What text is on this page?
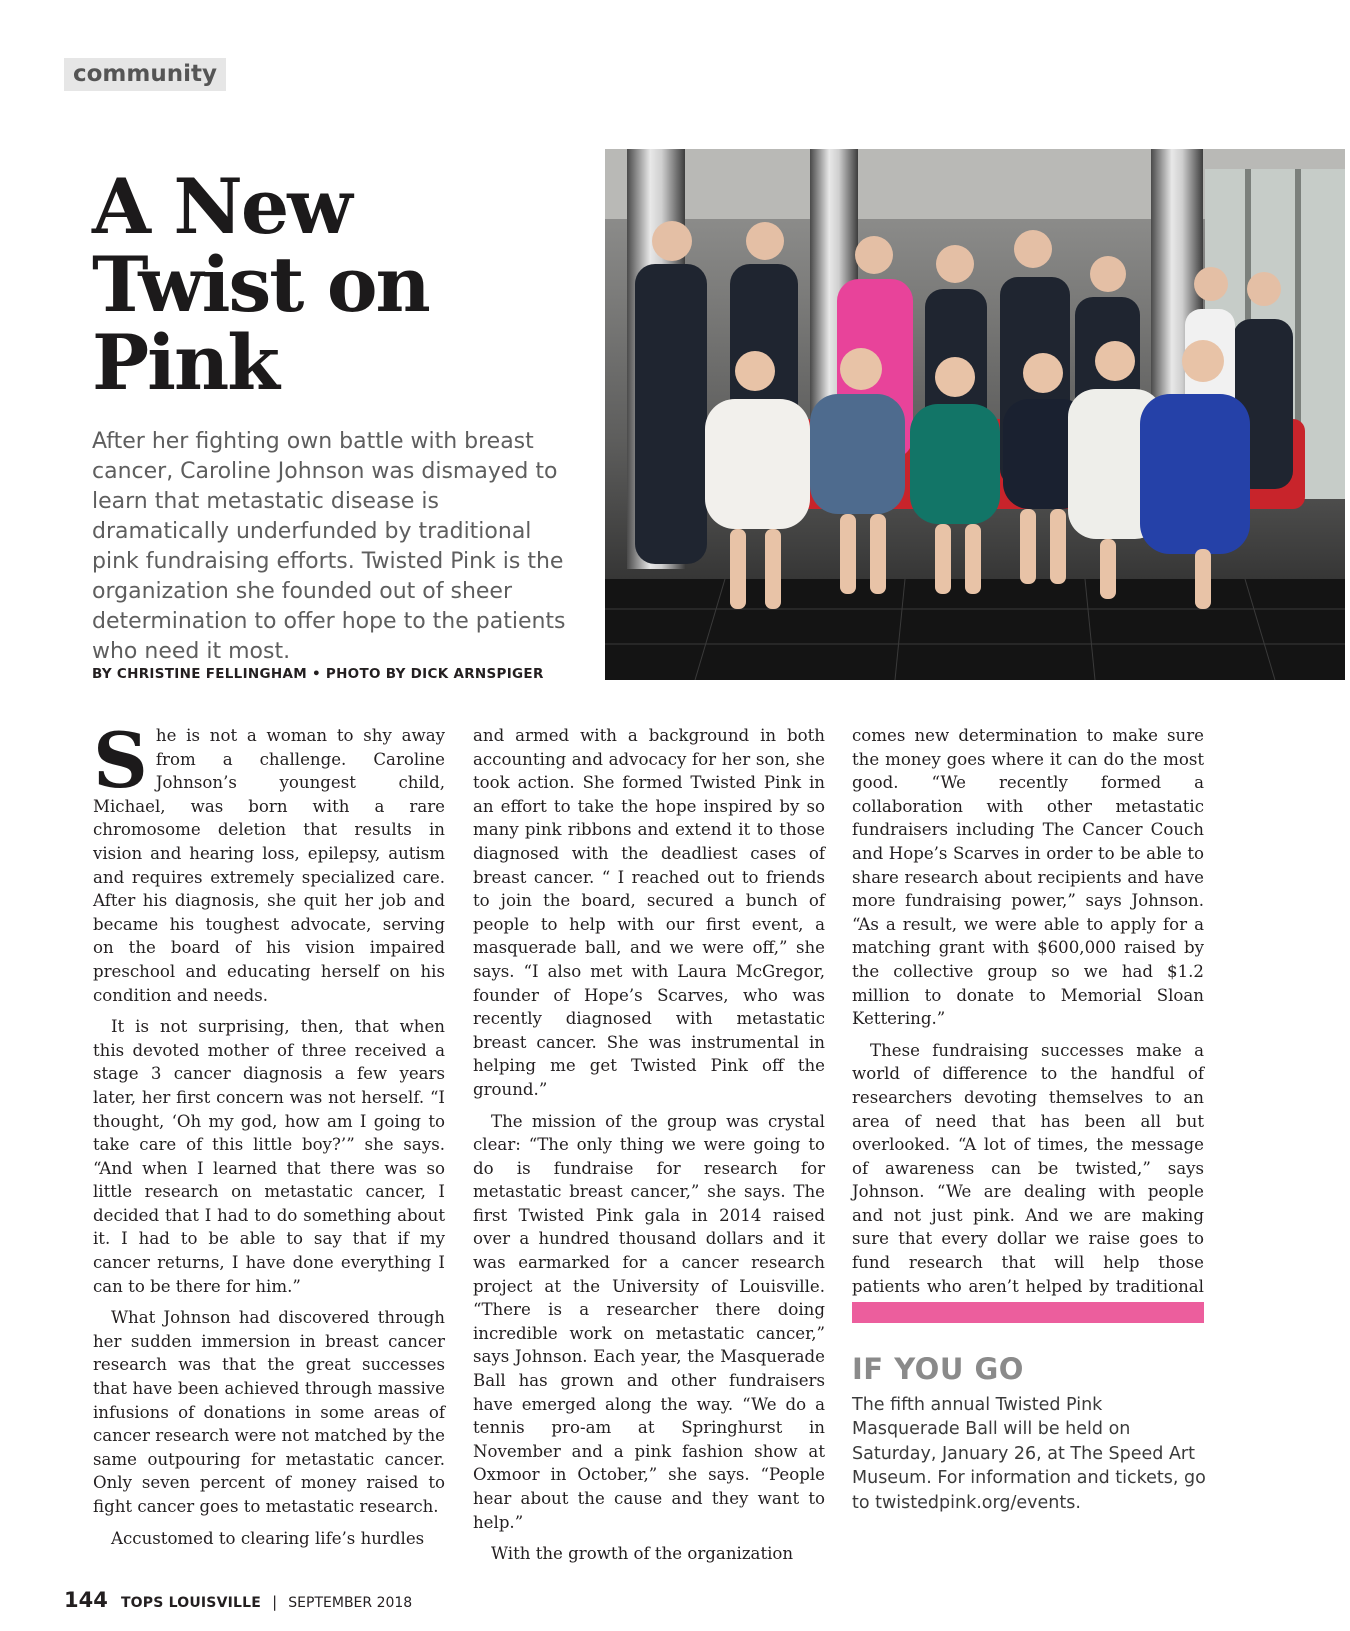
community
A New
Twist on
Pink

After her fighting own battle with breast cancer, Caroline Johnson was dismayed to learn that metastatic disease is dramatically underfunded by traditional pink fundraising efforts. Twisted Pink is the organization she founded out of sheer determination to offer hope to the patients who need it most.

BY CHRISTINE FELLINGHAM • PHOTO BY DICK ARNSPIGER

She is not a woman to shy away from a challenge. Caroline Johnson’s youngest child, Michael, was born with a rare chromosome deletion that results in vision and hearing loss, epilepsy, autism and requires extremely specialized care. After his diagnosis, she quit her job and became his toughest advocate, serving on the board of his vision impaired preschool and educating herself on his condition and needs.

It is not surprising, then, that when this devoted mother of three received a stage 3 cancer diagnosis a few years later, her first concern was not herself. “I thought, ‘Oh my god, how am I going to take care of this little boy?’” she says. “And when I learned that there was so little research on metastatic cancer, I decided that I had to do something about it. I had to be able to say that if my cancer returns, I have done everything I can to be there for him.”

What Johnson had discovered through her sudden immersion in breast cancer research was that the great successes that have been achieved through massive infusions of donations in some areas of cancer research were not matched by the same outpouring for metastatic cancer. Only seven percent of money raised to fight cancer goes to metastatic research.

Accustomed to clearing life’s hurdles

and armed with a background in both accounting and advocacy for her son, she took action. She formed Twisted Pink in an effort to take the hope inspired by so many pink ribbons and extend it to those diagnosed with the deadliest cases of breast cancer. “ I reached out to friends to join the board, secured a bunch of people to help with our first event, a masquerade ball, and we were off,” she says. “I also met with Laura McGregor, founder of Hope’s Scarves, who was recently diagnosed with metastatic breast cancer. She was instrumental in helping me get Twisted Pink off the ground.”

The mission of the group was crystal clear: “The only thing we were going to do is fundraise for research for metastatic breast cancer,” she says. The first Twisted Pink gala in 2014 raised over a hundred thousand dollars and it was earmarked for a cancer research project at the University of Louisville. “There is a researcher there doing incredible work on metastatic cancer,” says Johnson. Each year, the Masquerade Ball has grown and other fundraisers have emerged along the way. “We do a tennis pro-am at Springhurst in November and a pink fashion show at Oxmoor in October,” she says. “People hear about the cause and they want to help.”

With the growth of the organization

comes new determination to make sure the money goes where it can do the most good. “We recently formed a collaboration with other metastatic fundraisers including The Cancer Couch and Hope’s Scarves in order to be able to share research about recipients and have more fundraising power,” says Johnson. “As a result, we were able to apply for a matching grant with $600,000 raised by the collective group so we had $1.2 million to donate to Memorial Sloan Kettering.”

These fundraising successes make a world of difference to the handful of researchers devoting themselves to an area of need that has been all but overlooked. “A lot of times, the message of awareness can be twisted,” says Johnson. “We are dealing with people and not just pink. And we are making sure that every dollar we raise goes to fund research that will help those patients who aren’t helped by traditional

IF YOU GO

The fifth annual Twisted Pink Masquerade Ball will be held on Saturday, January 26, at The Speed Art Museum. For information and tickets, go to twistedpink.org/events.

144 TOPS LOUISVILLE | SEPTEMBER 2018
